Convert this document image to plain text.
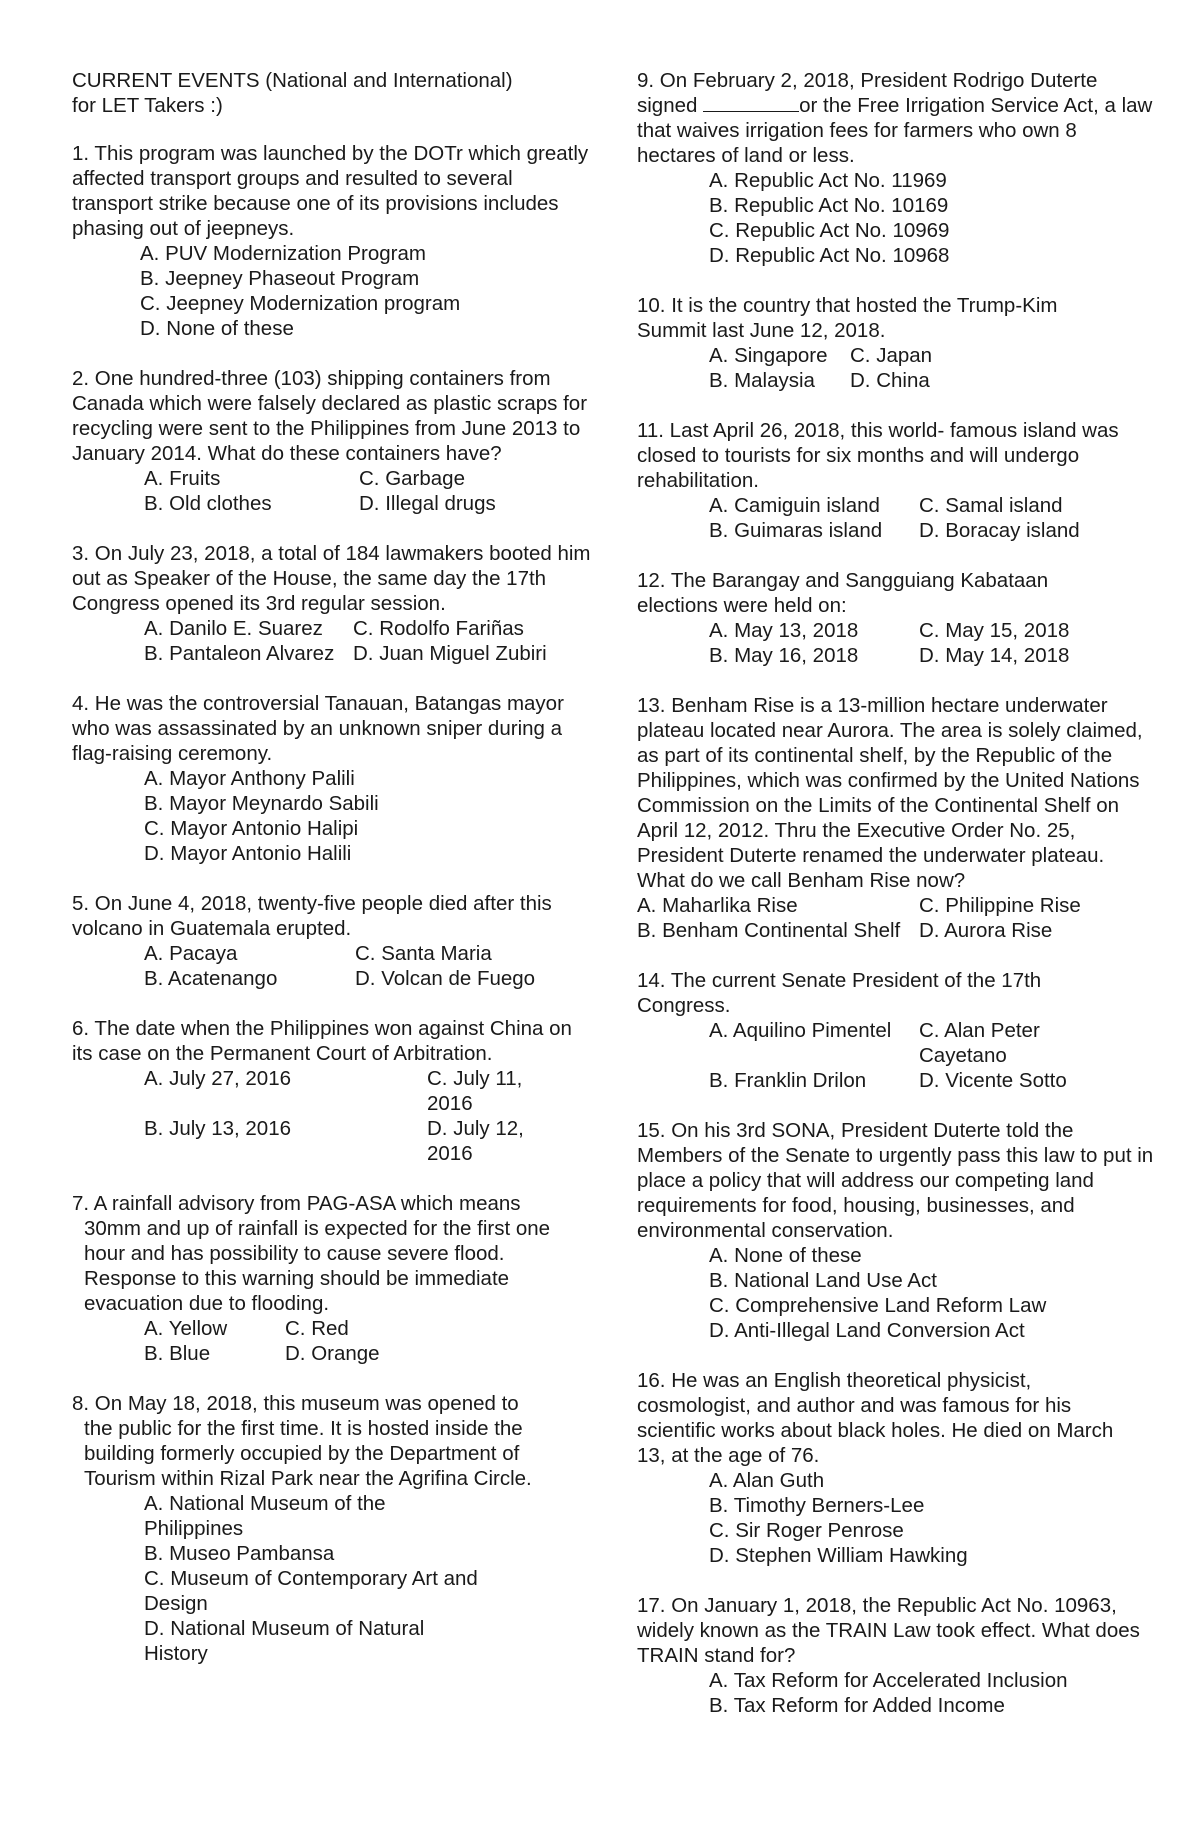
CURRENT EVENTS (National and International)
for LET Takers :)
1. This program was launched by the DOTr which greatly affected transport groups and resulted to several transport strike because one of its provisions includes phasing out of jeepneys.
A. PUV Modernization Program
B. Jeepney Phaseout Program
C. Jeepney Modernization program
D. None of these
2. One hundred-three (103) shipping containers from Canada which were falsely declared as plastic scraps for recycling were sent to the Philippines from June 2013 to January 2014. What do these containers have?
A. Fruits	C. Garbage
B. Old clothes	D. Illegal drugs
3. On July 23, 2018, a total of 184 lawmakers booted him out as Speaker of the House, the same day the 17th Congress opened its 3rd regular session.
A. Danilo E. Suarez	C. Rodolfo Fariñas
B. Pantaleon Alvarez D. Juan Miguel Zubiri
4. He was the controversial Tanauan, Batangas mayor who was assassinated by an unknown sniper during a flag-raising ceremony.
A. Mayor Anthony Palili
B. Mayor Meynardo Sabili
C. Mayor Antonio Halipi
D. Mayor Antonio Halili
5. On June 4, 2018, twenty-five people died after this volcano in Guatemala erupted.
A. Pacaya	C. Santa Maria
B. Acatenango	D. Volcan de Fuego
6. The date when the Philippines won against China on its case on the Permanent Court of Arbitration.
A. July 27, 2016	C. July 11, 2016
B. July 13, 2016	D. July 12, 2016
7. A rainfall advisory from PAG-ASA which means
30mm and up of rainfall is expected for the first one hour and has possibility to cause severe flood. Response to this warning should be immediate evacuation due to flooding.
A. Yellow	C. Red
B. Blue	D. Orange
8. On May 18, 2018, this museum was opened to
the public for the first time. It is hosted inside the building formerly occupied by the Department of Tourism within Rizal Park near the Agrifina Circle.
A. National Museum of the Philippines
B. Museo Pambansa
C. Museum of Contemporary Art and Design
D. National Museum of Natural History
9. On February 2, 2018, President Rodrigo Duterte signed	or the Free Irrigation Service Act, a law that waives irrigation fees for farmers who own 8 hectares of land or less.
A. Republic Act No. 11969
B. Republic Act No. 10169
C. Republic Act No. 10969
D. Republic Act No. 10968
10. It is the country that hosted the Trump-Kim Summit last June 12, 2018.
A. Singapore	C. Japan
B. Malaysia	D. China
11. Last April 26, 2018, this world- famous island was closed to tourists for six months and will undergo rehabilitation.
A. Camiguin island	C. Samal island
B. Guimaras island	D. Boracay island
12. The Barangay and Sangguiang Kabataan elections were held on:
A. May 13, 2018	C. May 15, 2018
B. May 16, 2018	D. May 14, 2018
13. Benham Rise is a 13-million hectare underwater plateau located near Aurora. The area is solely claimed, as part of its continental shelf, by the Republic of the Philippines, which was confirmed by the United Nations Commission on the Limits of the Continental Shelf on April 12, 2012. Thru the Executive Order No. 25, President Duterte renamed the underwater plateau. What do we call Benham Rise now?
A. Maharlika Rise	C. Philippine Rise
B. Benham Continental Shelf D. Aurora Rise
14. The current Senate President of the 17th Congress.
A. Aquilino Pimentel	C. Alan Peter Cayetano
B. Franklin Drilon	D. Vicente Sotto
15. On his 3rd SONA, President Duterte told the Members of the Senate to urgently pass this law to put in place a policy that will address our competing land requirements for food, housing, businesses, and environmental conservation.
A. None of these
B. National Land Use Act
C. Comprehensive Land Reform Law
D. Anti-Illegal Land Conversion Act
16. He was an English theoretical physicist, cosmologist, and author and was famous for his scientific works about black holes. He died on March 13, at the age of 76.
A. Alan Guth
B. Timothy Berners-Lee
C. Sir Roger Penrose
D. Stephen William Hawking
17. On January 1, 2018, the Republic Act No. 10963, widely known as the TRAIN Law took effect. What does TRAIN stand for?
A. Tax Reform for Accelerated Inclusion
B. Tax Reform for Added Income
